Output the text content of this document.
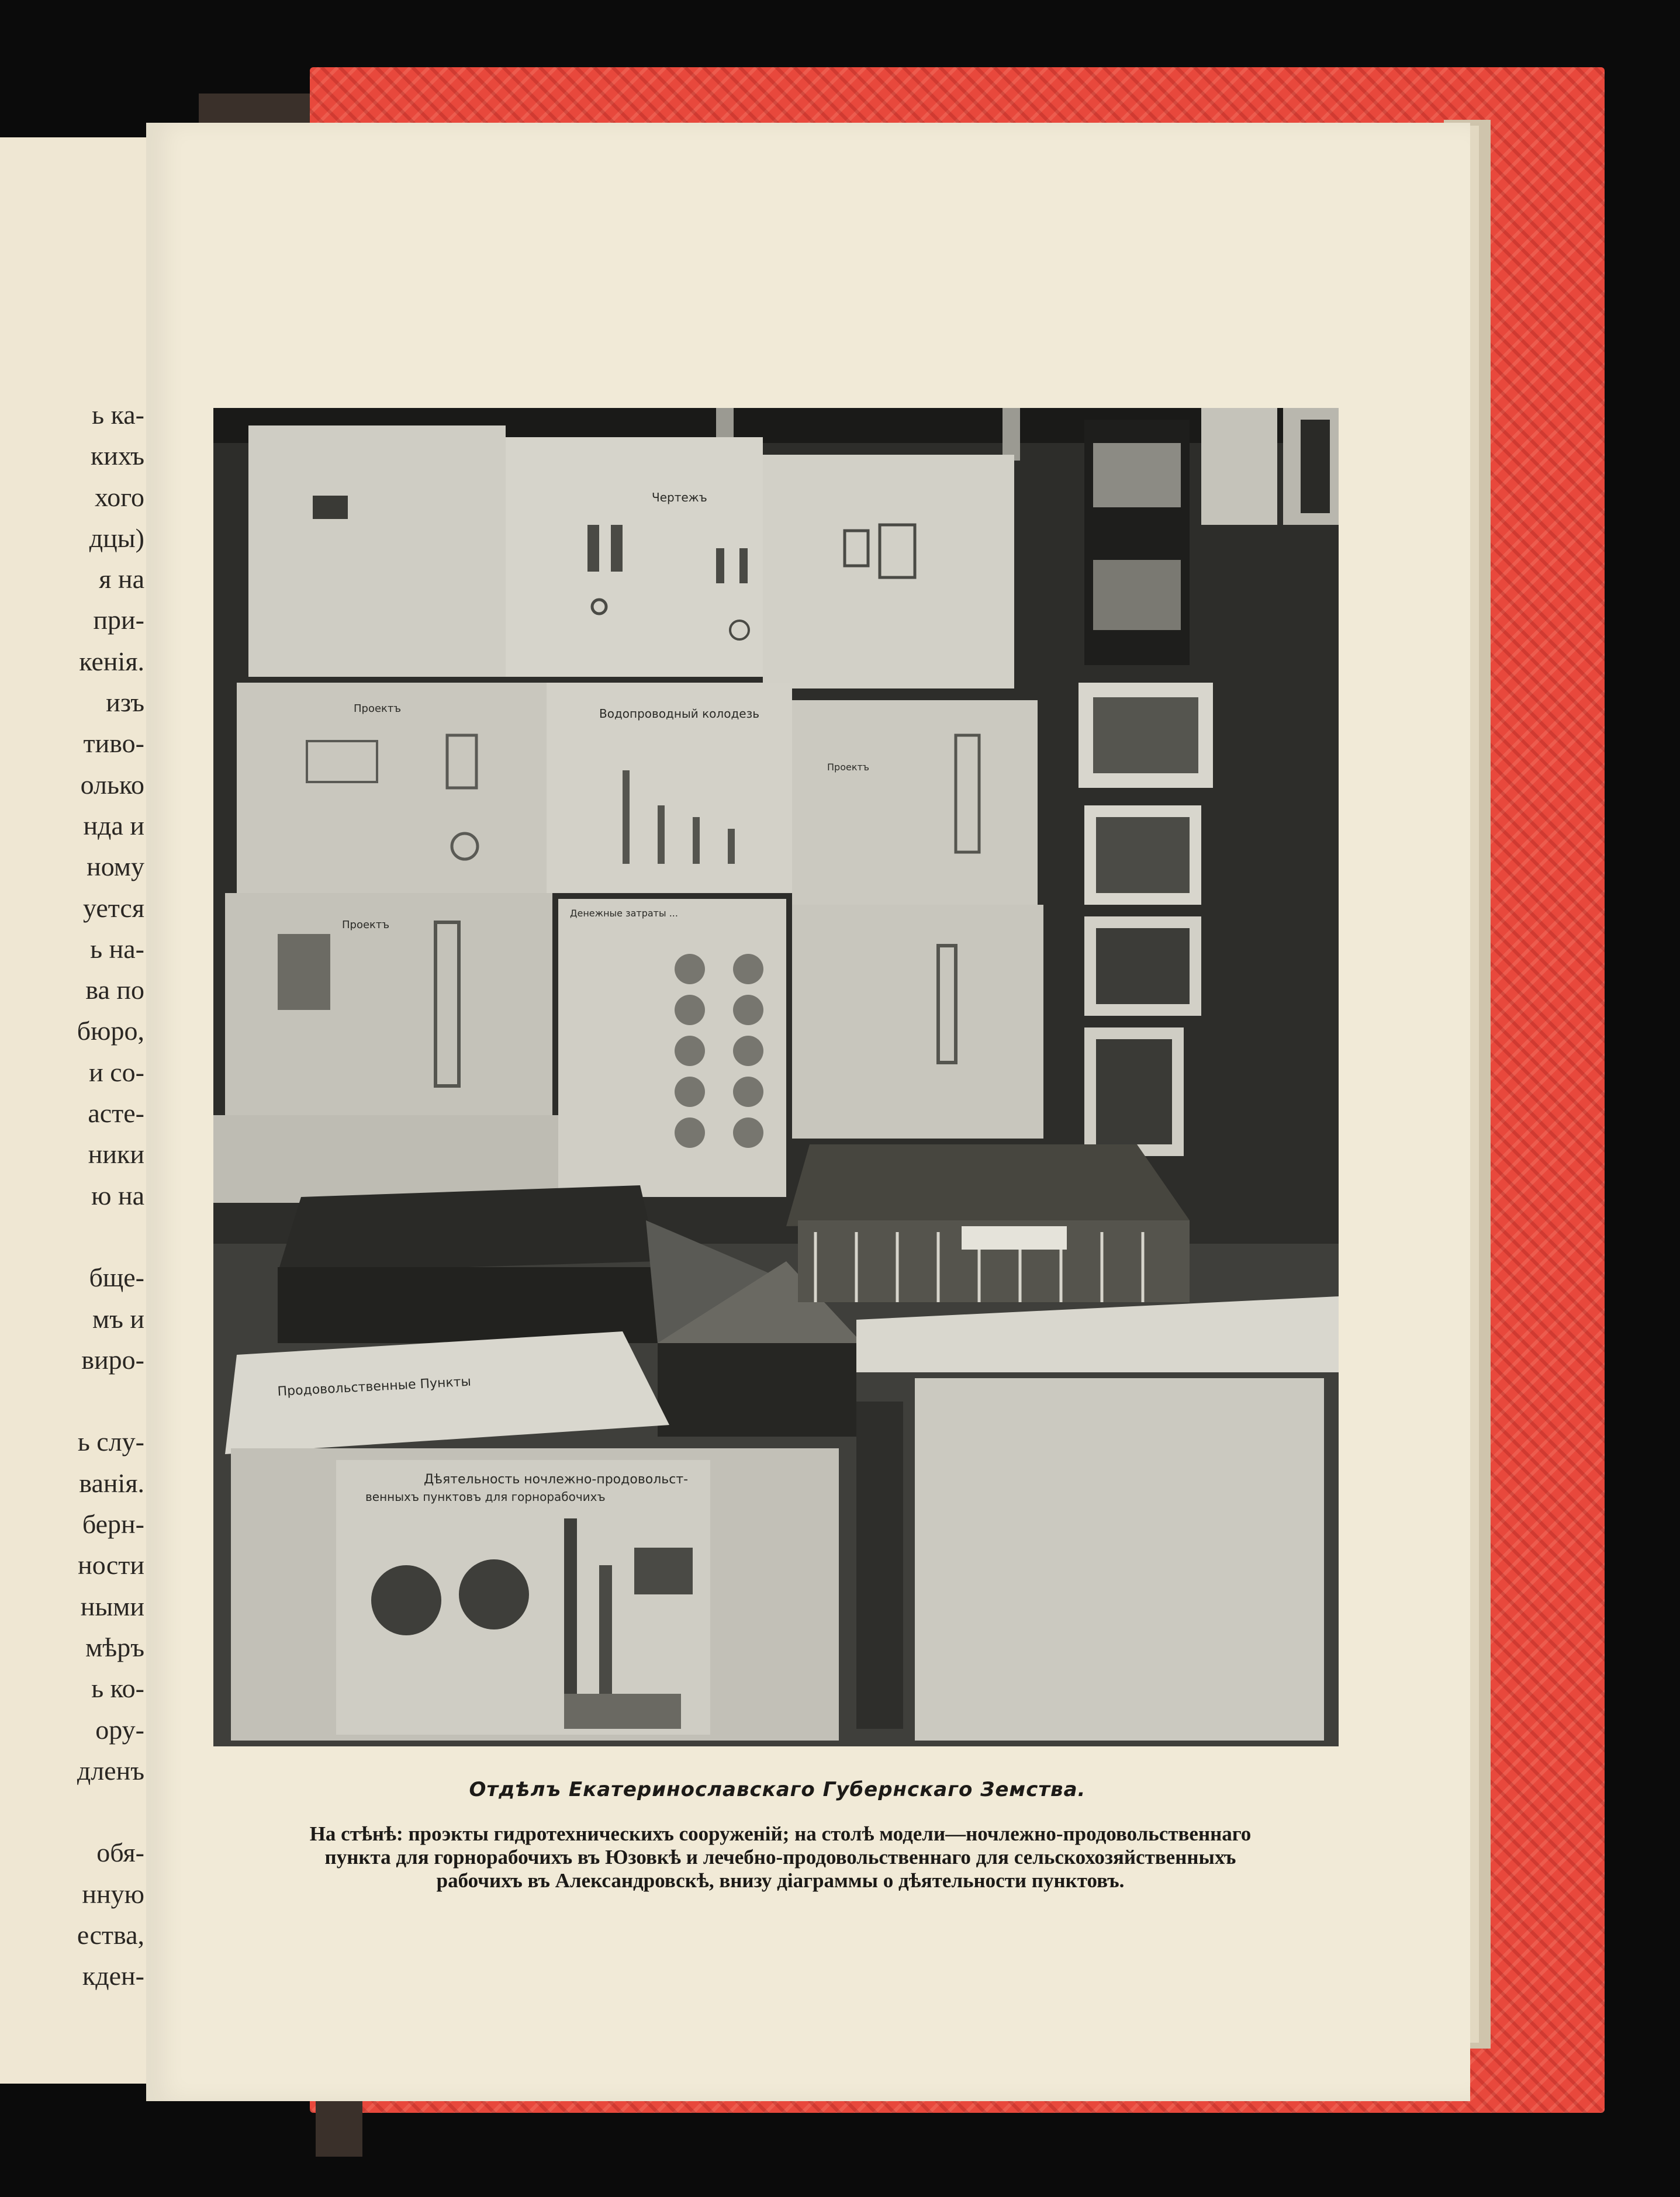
ь ка-
кихъ
хого
дцы)
я на
при-
кенія.
изъ
тиво-
олько
нда и
ному
уется
ь на-
ва по
бюро,
и со-
асте-
ники
ю на
бще-
мъ и
виро-
ь слу-
ванія.
берн-
ности
ными
мѣръ
ь ко-
ору-
дленъ
обя-
нную
ества,
кден-
Чертежъ
Проектъ
Проектъ
Проектъ
Водопроводный колодезь
Денежные затраты ...
Продовольственные Пункты
Дѣятельность ночлежно-продовольст-
венныхъ пунктовъ для горнорабочихъ
Отдѣлъ Екатеринославскаго Губернскаго Земства.
На стѣнѣ: проэкты гидротехническихъ сооруженій; на столѣ модели—ночлежно-продовольственнаго
пункта для горнорабочихъ въ Юзовкѣ и лечебно-продовольственнаго для сельскохозяйственныхъ
рабочихъ въ Александровскѣ, внизу діаграммы о дѣятельности пунктовъ.
